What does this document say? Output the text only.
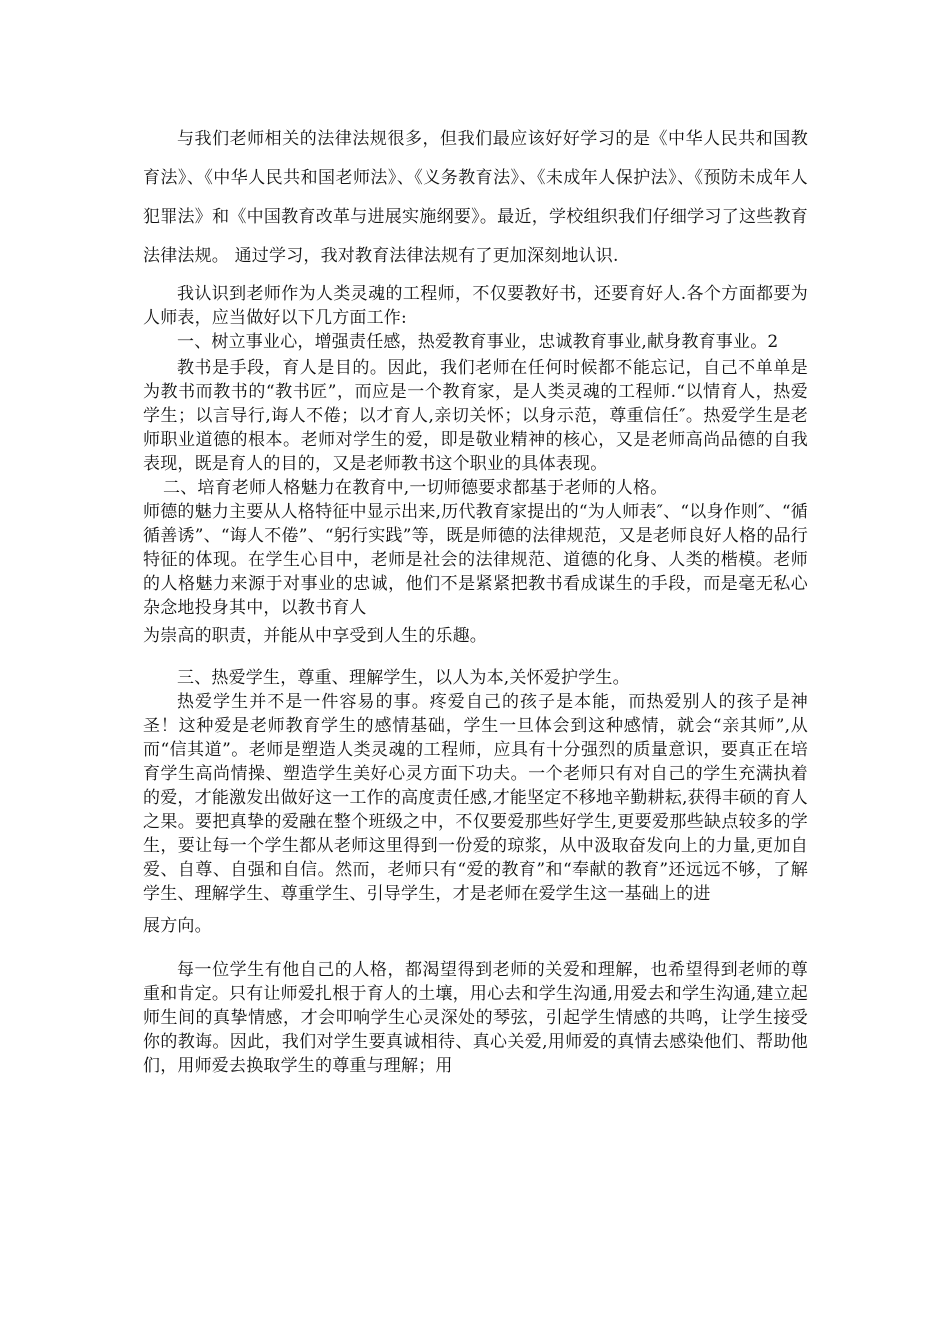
与我们老师相关的法律法规很多，但我们最应该好好学习的是《中华人民共和国教育法》、《中华人民共和国老师法》、《义务教育法》、《未成年人保护法》、《预防未成年人犯罪法》和《中国教育改革与进展实施纲要》。最近，学校组织我们仔细学习了这些教育法律法规。 通过学习，我对教育法律法规有了更加深刻地认识.

我认识到老师作为人类灵魂的工程师，不仅要教好书，还要育好人.各个方面都要为人师表，应当做好以下几方面工作:

一、树立事业心，增强责任感，热爱教育事业，忠诚教育事业,献身教育事业。2

教书是手段，育人是目的。因此，我们老师在任何时候都不能忘记，自己不单单是为教书而教书的“教书匠”，而应是一个教育家，是人类灵魂的工程师.“以情育人，热爱学生；以言导行,诲人不倦；以才育人,亲切关怀；以身示范，尊重信任″。热爱学生是老师职业道德的根本。老师对学生的爱，即是敬业精神的核心，又是老师高尚品德的自我表现，既是育人的目的，又是老师教书这个职业的具体表现。

二、培育老师人格魅力在教育中,一切师德要求都基于老师的人格。

师德的魅力主要从人格特征中显示出来,历代教育家提出的“为人师表″、“以身作则″、“循循善诱”、“诲人不倦”、“躬行实践”等，既是师德的法律规范，又是老师良好人格的品行特征的体现。在学生心目中，老师是社会的法律规范、道德的化身、人类的楷模。老师的人格魅力来源于对事业的忠诚，他们不是紧紧把教书看成谋生的手段，而是毫无私心杂念地投身其中，以教书育人

为崇高的职责，并能从中享受到人生的乐趣。

三、热爱学生，尊重、理解学生，以人为本,关怀爱护学生。

热爱学生并不是一件容易的事。疼爱自己的孩子是本能，而热爱别人的孩子是神圣！这种爱是老师教育学生的感情基础，学生一旦体会到这种感情，就会“亲其师”,从而“信其道”。老师是塑造人类灵魂的工程师，应具有十分强烈的质量意识，要真正在培育学生高尚情操、塑造学生美好心灵方面下功夫。一个老师只有对自己的学生充满执着的爱，才能激发出做好这一工作的高度责任感,才能坚定不移地辛勤耕耘,获得丰硕的育人之果。要把真挚的爱融在整个班级之中，不仅要爱那些好学生,更要爱那些缺点较多的学生，要让每一个学生都从老师这里得到一份爱的琼浆，从中汲取奋发向上的力量,更加自爱、自尊、自强和自信。然而，老师只有“爱的教育”和“奉献的教育”还远远不够，了解学生、理解学生、尊重学生、引导学生，才是老师在爱学生这一基础上的进

展方向。

每一位学生有他自己的人格，都渴望得到老师的关爱和理解，也希望得到老师的尊重和肯定。只有让师爱扎根于育人的土壤，用心去和学生沟通,用爱去和学生沟通,建立起师生间的真挚情感，才会叩响学生心灵深处的琴弦，引起学生情感的共鸣，让学生接受你的教诲。因此，我们对学生要真诚相待、真心关爱,用师爱的真情去感染他们、帮助他们，用师爱去换取学生的尊重与理解；用
